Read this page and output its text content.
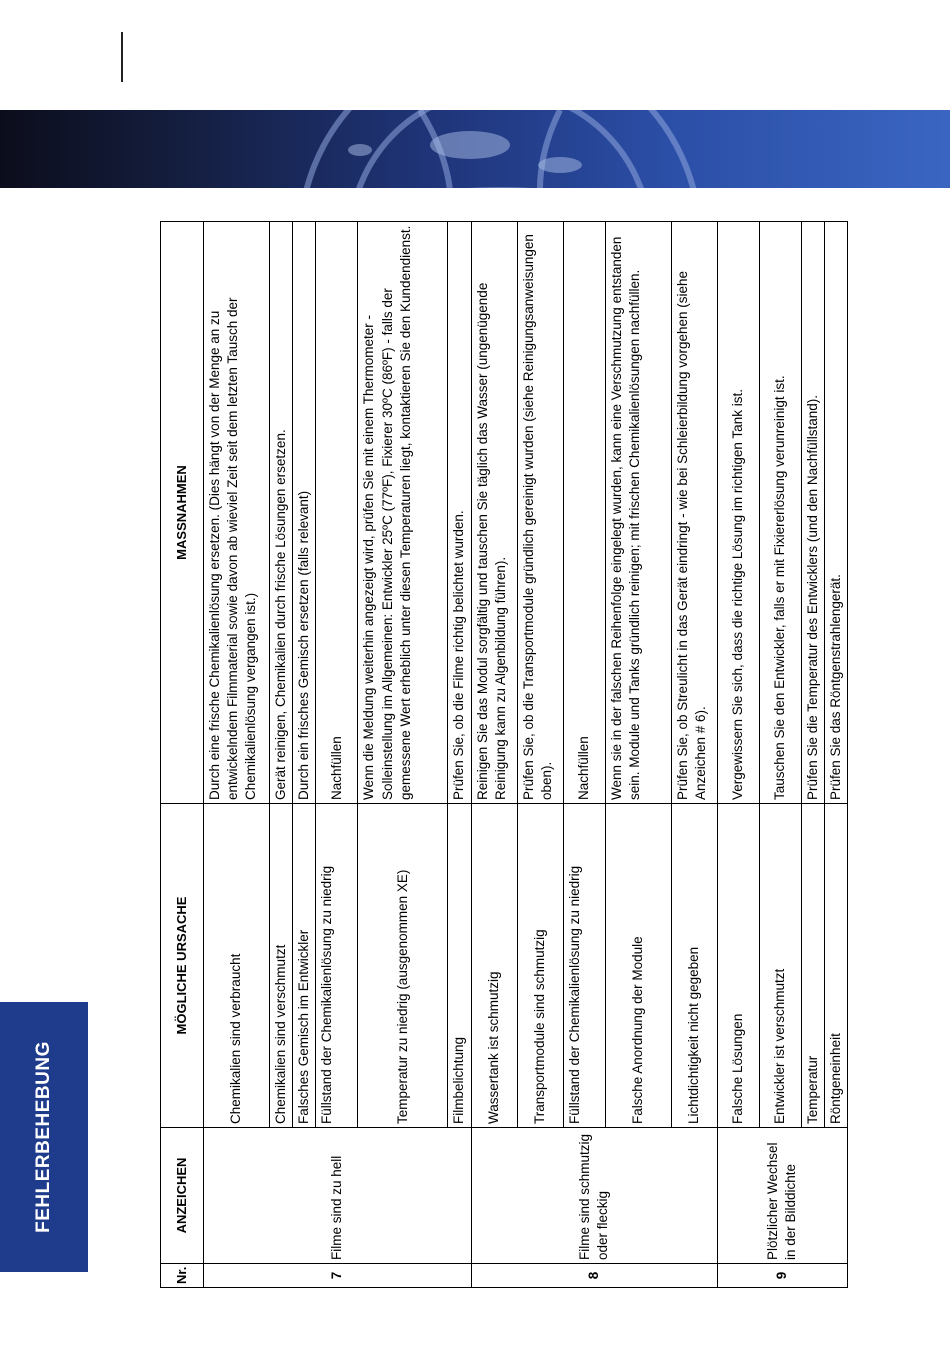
FEHLERBEHEBUNG
Nr.	ANZEICHEN	MÖGLICHE URSACHE	MASSNAHMEN
7	Filme sind zu hell	Chemikalien sind verbraucht	Durch eine frische Chemikalienlösung ersetzen. (Dies hängt von der Menge an zu entwickelndem Filmmaterial sowie davon ab wieviel Zeit seit dem letzten Tausch der Chemikalienlösung vergangen ist.)
		Chemikalien sind verschmutzt	Gerät reinigen, Chemikalien durch frische Lösungen ersetzen.
		Falsches Gemisch im Entwickler	Durch ein frisches Gemisch ersetzen (falls relevant)
		Füllstand der Chemikalienlösung zu niedrig	Nachfüllen
		Temperatur zu niedrig (ausgenommen XE)	Wenn die Meldung weiterhin angezeigt wird, prüfen Sie mit einem Thermometer - Solleinstellung im Allgemeinen: Entwickler 25ºC (77ºF), Fixierer 30ºC (86ºF) - falls der gemessene Wert erheblich unter diesen Temperaturen liegt, kontaktieren Sie den Kundendienst.
		Filmbelichtung	Prüfen Sie, ob die Filme richtig belichtet wurden.
8	Filme sind schmutzig oder fleckig	Wassertank ist schmutzig	Reinigen Sie das Modul sorgfältig und tauschen Sie täglich das Wasser (ungenügende Reinigung kann zu Algenbildung führen).
		Transportmodule sind schmutzig	Prüfen Sie, ob die Transportmodule gründlich gereinigt wurden (siehe Reinigungsanweisungen oben).
		Füllstand der Chemikalienlösung zu niedrig	Nachfüllen
		Falsche Anordnung der Module	Wenn sie in der falschen Reihenfolge eingelegt wurden, kann eine Verschmutzung entstanden sein. Module und Tanks gründlich reinigen; mit frischen Chemikalienlösungen nachfüllen.
		Lichtdichtigkeit nicht gegeben	Prüfen Sie, ob Streulicht in das Gerät eindringt - wie bei Schleierbildung vorgehen (siehe Anzeichen # 6).
9	Plötzlicher Wechsel in der Bilddichte	Falsche Lösungen	Vergewissern Sie sich, dass die richtige Lösung im richtigen Tank ist.
		Entwickler ist verschmutzt	Tauschen Sie den Entwickler, falls er mit Fixiererlösung verunreinigt ist.
		Temperatur	Prüfen Sie die Temperatur des Entwicklers (und den Nachfüllstand).
		Röntgeneinheit	Prüfen Sie das Röntgenstrahlengerät.
